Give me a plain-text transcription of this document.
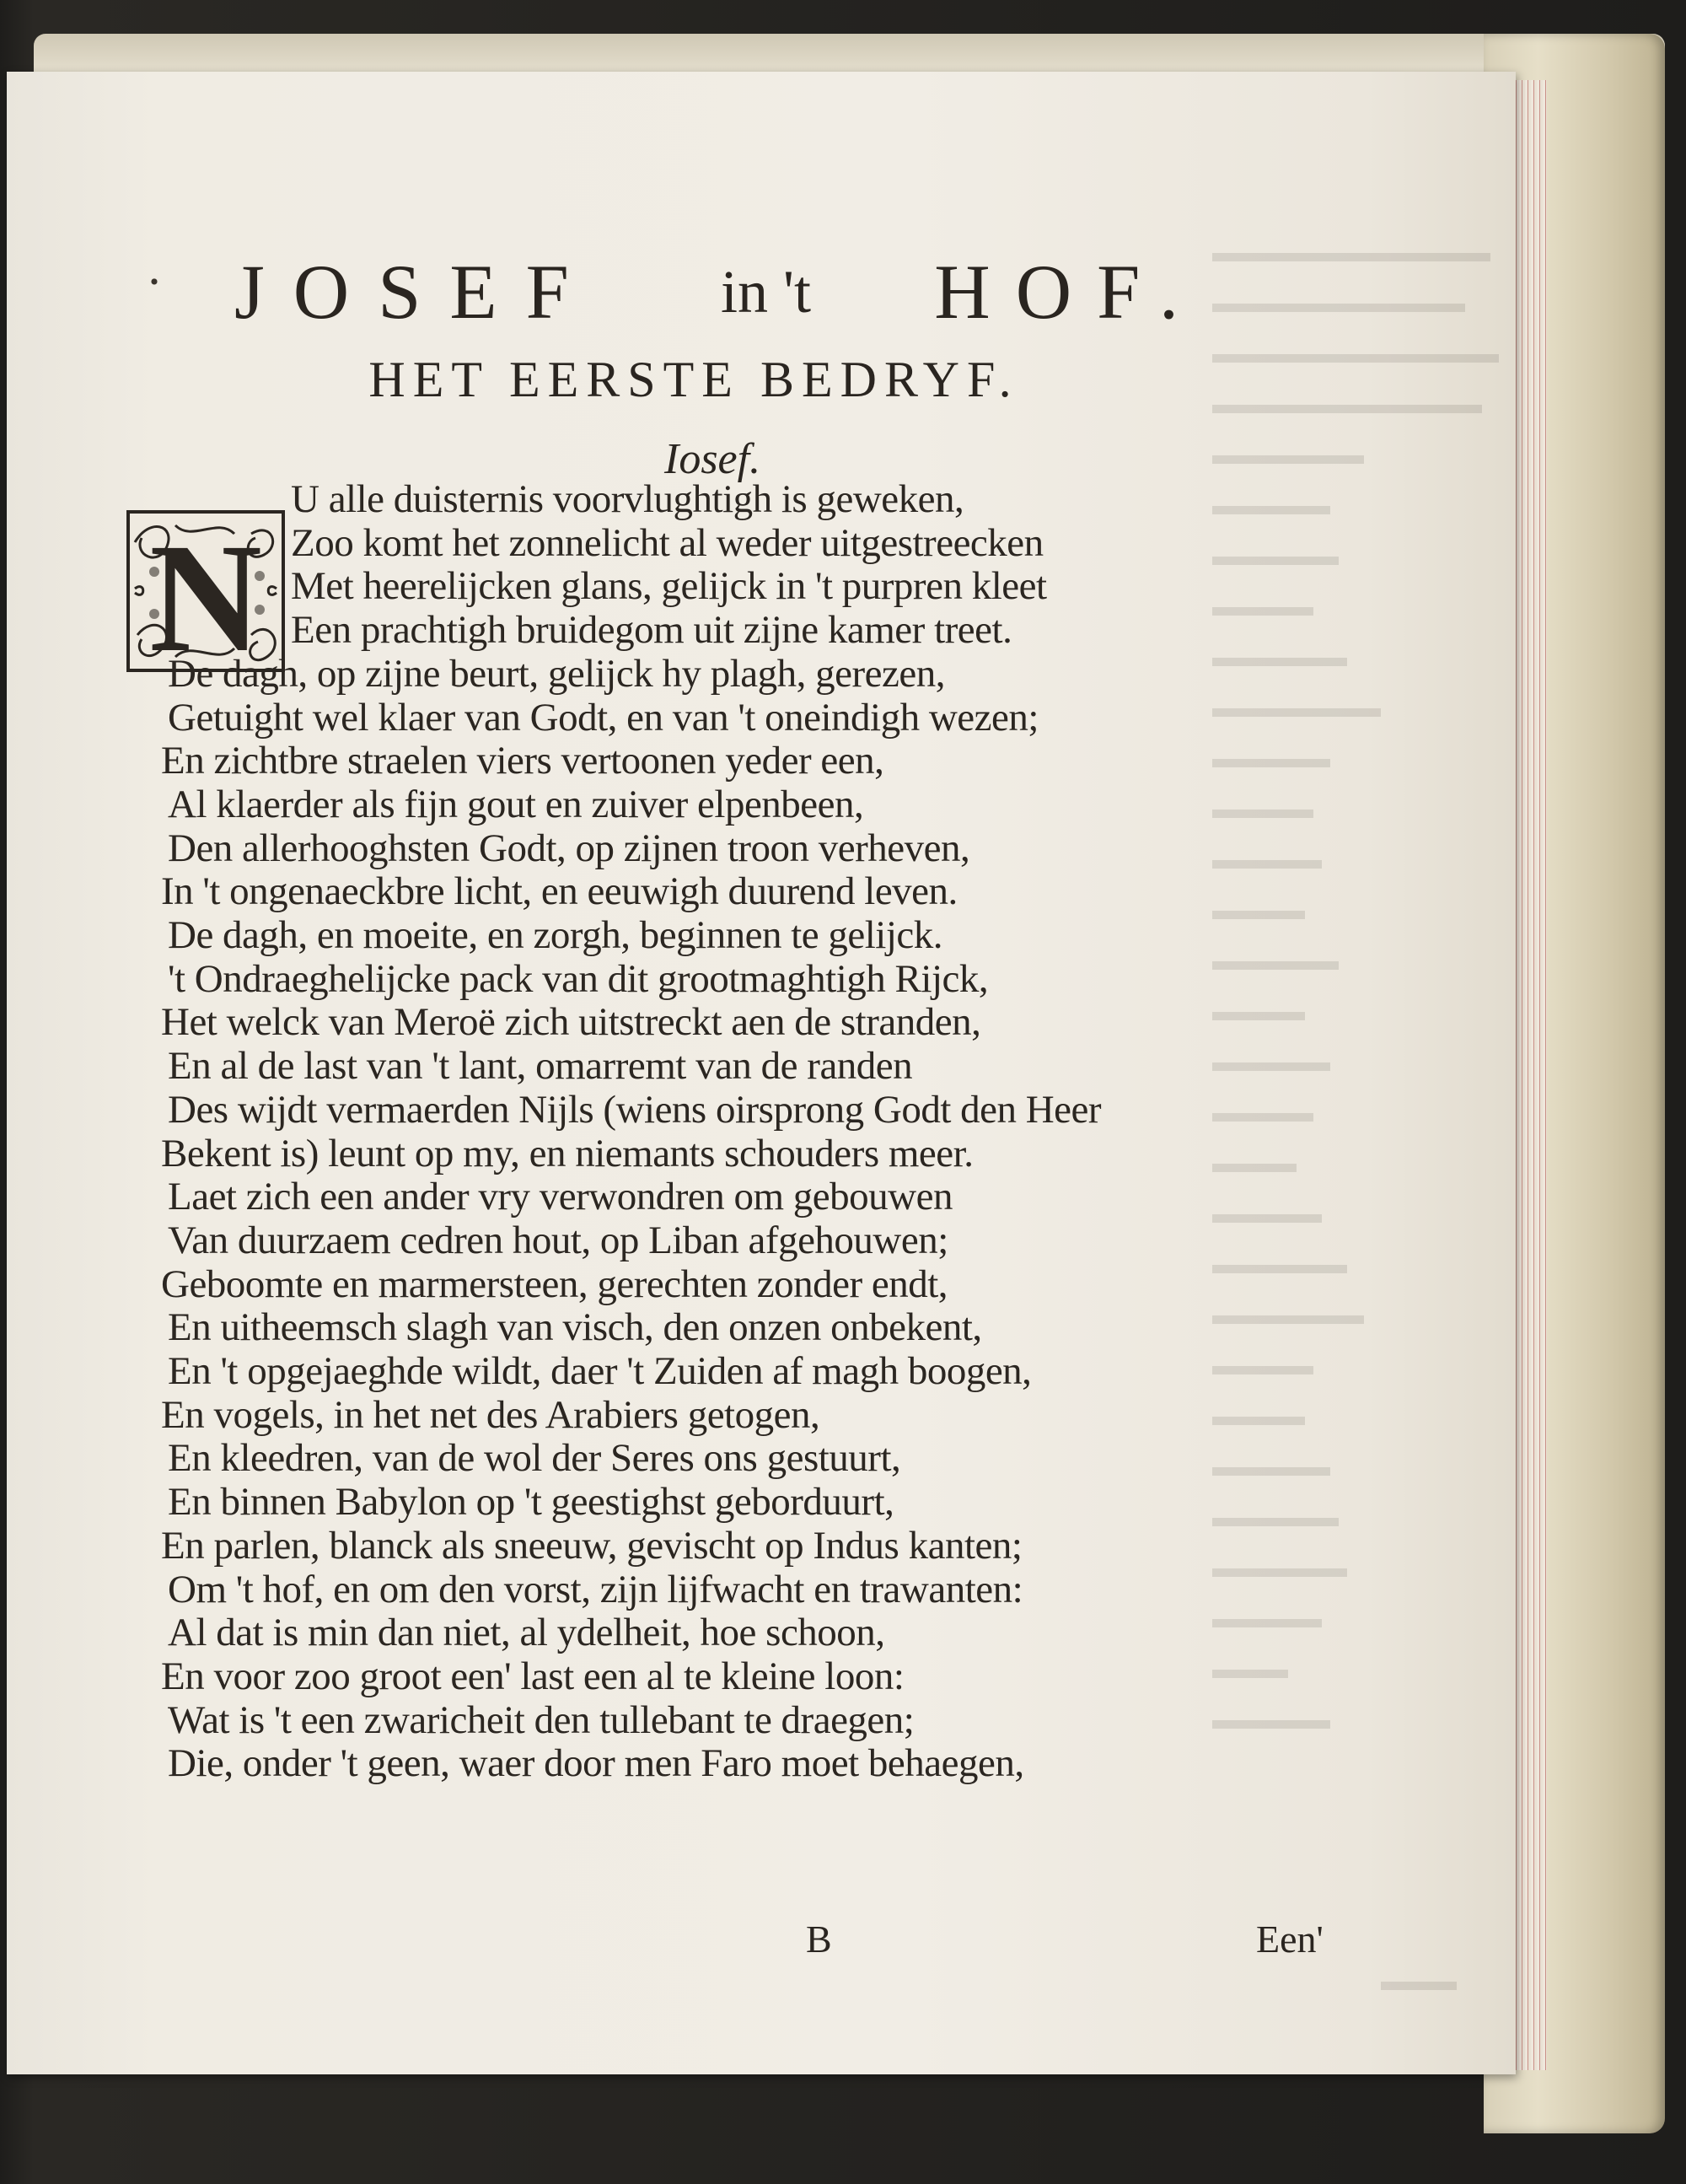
· JOSEF in 't HOF.
HET EERSTE BEDRYF.
Iosef.
N
U alle duisternis voorvlughtigh is geweken,
Zoo komt het zonnelicht al weder uitgestreecken
Met heerelijcken glans, gelijck in 't purpren kleet
Een prachtigh bruidegom uit zijne kamer treet.
De dagh, op zijne beurt, gelijck hy plagh, gerezen,
Getuight wel klaer van Godt, en van 't oneindigh wezen;
En zichtbre straelen viers vertoonen yeder een,
Al klaerder als fijn gout en zuiver elpenbeen,
Den allerhooghsten Godt, op zijnen troon verheven,
In 't ongenaeckbre licht, en eeuwigh duurend leven.
De dagh, en moeite, en zorgh, beginnen te gelijck.
't Ondraeghelijcke pack van dit grootmaghtigh Rijck,
Het welck van Meroë zich uitstreckt aen de stranden,
En al de last van 't lant, omarremt van de randen
Des wijdt vermaerden Nijls (wiens oirsprong Godt den Heer
Bekent is) leunt op my, en niemants schouders meer.
Laet zich een ander vry verwondren om gebouwen
Van duurzaem cedren hout, op Liban afgehouwen;
Geboomte en marmersteen, gerechten zonder endt,
En uitheemsch slagh van visch, den onzen onbekent,
En 't opgejaeghde wildt, daer 't Zuiden af magh boogen,
En vogels, in het net des Arabiers getogen,
En kleedren, van de wol der Seres ons gestuurt,
En binnen Babylon op 't geestighst geborduurt,
En parlen, blanck als sneeuw, gevischt op Indus kanten;
Om 't hof, en om den vorst, zijn lijfwacht en trawanten:
Al dat is min dan niet, al ydelheit, hoe schoon,
En voor zoo groot een' last een al te kleine loon:
Wat is 't een zwaricheit den tullebant te draegen;
Die, onder 't geen, waer door men Faro moet behaegen,
B	Een'
